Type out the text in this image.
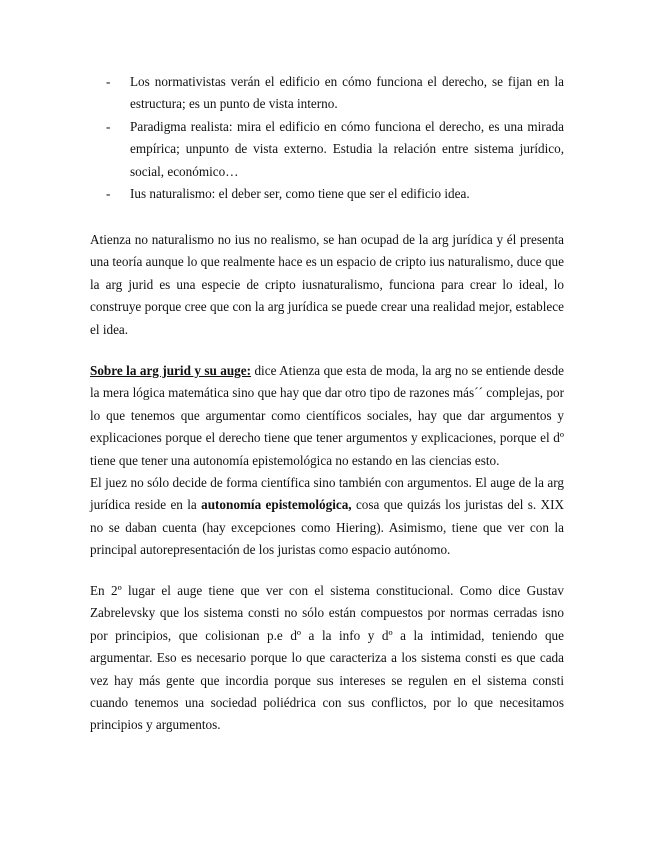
- Los normativistas verán el edificio en cómo funciona el derecho, se fijan en la estructura; es un punto de vista interno.
- Paradigma realista: mira el edificio en cómo funciona el derecho, es una mirada empírica; unpunto de vista externo. Estudia la relación entre sistema jurídico, social, económico…
- Ius naturalismo: el deber ser, como tiene que ser el edificio idea.

Atienza no naturalismo no ius no realismo, se han ocupad de la arg jurídica y él presenta una teoría aunque lo que realmente hace es un espacio de cripto ius naturalismo, duce que la arg jurid es una especie de cripto iusnaturalismo, funciona para crear lo ideal, lo construye porque cree que con la arg jurídica se puede crear una realidad mejor, establece el idea.

Sobre la arg jurid y su auge: dice Atienza que esta de moda, la arg no se entiende desde la mera lógica matemática sino que hay que dar otro tipo de razones más´´ complejas, por lo que tenemos que argumentar como científicos sociales, hay que dar argumentos y explicaciones porque el derecho tiene que tener argumentos y explicaciones, porque el dº tiene que tener una autonomía epistemológica no estando en las ciencias esto.
El juez no sólo decide de forma científica sino también con argumentos. El auge de la arg jurídica reside en la autonomía epistemológica, cosa que quizás los juristas del s. XIX no se daban cuenta (hay excepciones como Hiering). Asimismo, tiene que ver con la principal autorepresentación de los juristas como espacio autónomo.

En 2º lugar el auge tiene que ver con el sistema constitucional. Como dice Gustav Zabrelevsky que los sistema consti no sólo están compuestos por normas cerradas isno por principios, que colisionan p.e dº a la info y dº a la intimidad, teniendo que argumentar. Eso es necesario porque lo que caracteriza a los sistema consti es que cada vez hay más gente que incordia porque sus intereses se regulen en el sistema consti cuando tenemos una sociedad poliédrica con sus conflictos, por lo que necesitamos principios y argumentos.
